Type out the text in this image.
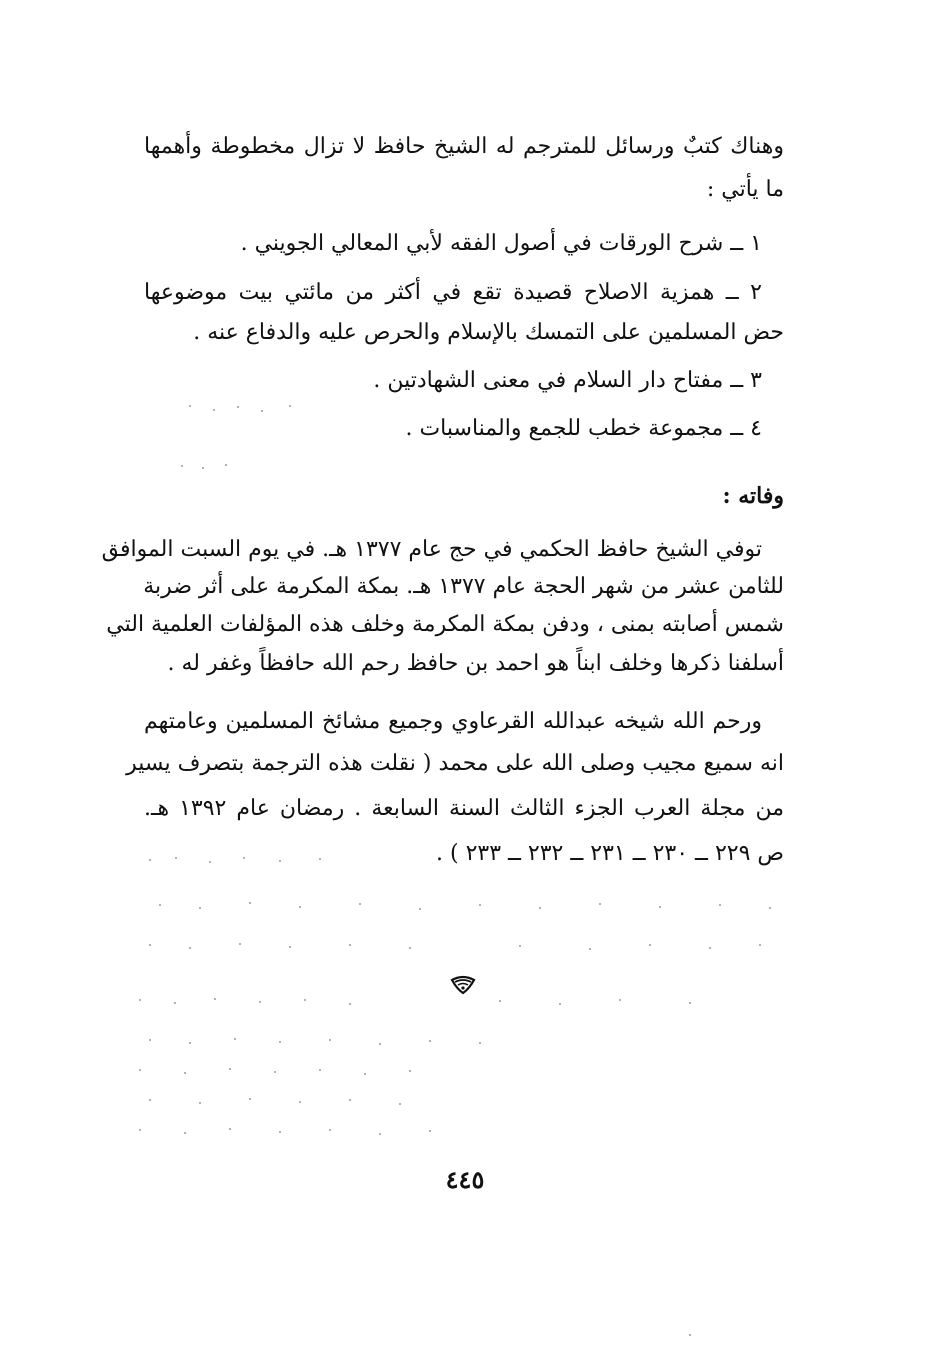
وهناك كتبٌ ورسائل للمترجم له الشيخ حافظ لا تزال مخطوطة وأهمها
ما يأتي :
١ ــ شرح الورقات في أصول الفقه لأبي المعالي الجويني .
٢ ــ همزية الاصلاح قصيدة تقع في أكثر من مائتي بيت موضوعها
حض المسلمين على التمسك بالإسلام والحرص عليه والدفاع عنه .
٣ ــ مفتاح دار السلام في معنى الشهادتين .
٤ ــ مجموعة خطب للجمع والمناسبات .
وفاته :
توفي الشيخ حافظ الحكمي في حج عام ١٣٧٧ هـ. في يوم السبت الموافق
للثامن عشر من شهر الحجة عام ١٣٧٧ هـ. بمكة المكرمة على أثر ضربة
شمس أصابته بمنى ، ودفن بمكة المكرمة وخلف هذه المؤلفات العلمية التي
أسلفنا ذكرها وخلف ابناً هو احمد بن حافظ رحم الله حافظاً وغفر له .
ورحم الله شيخه عبدالله القرعاوي وجميع مشائخ المسلمين وعامتهم
انه سميع مجيب وصلى الله على محمد ( نقلت هذه الترجمة بتصرف يسير
من مجلة العرب الجزء الثالث السنة السابعة . رمضان عام ١٣٩٢ هـ.
ص ٢٢٩ ــ ٢٣٠ ــ ٢٣١ ــ ٢٣٢ ــ ٢٣٣ ) .
٤٤٥
